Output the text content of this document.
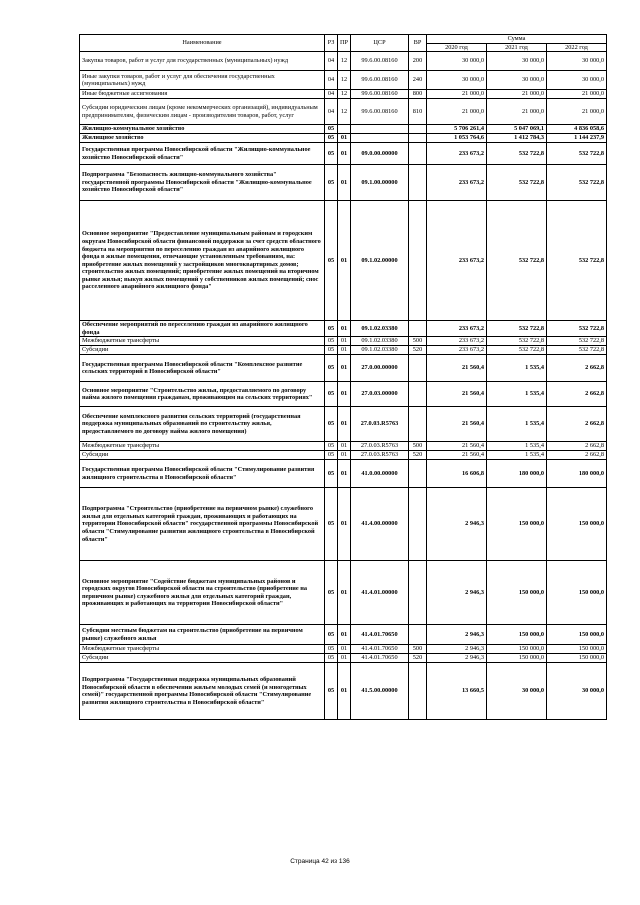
Наименование	РЗ	ПР	ЦСР	ВР	Сумма		
					2020 год	2021 год	2022 год
Закупка товаров, работ и услуг для государственных (муниципальных) нужд	04	12	99.6.00.08160	200	30 000,0	30 000,0	30 000,0
Иные закупки товаров, работ и услуг для обеспечения государственных (муниципальных) нужд	04	12	99.6.00.08160	240	30 000,0	30 000,0	30 000,0
Иные бюджетные ассигнования	04	12	99.6.00.08160	800	21 000,0	21 000,0	21 000,0
Субсидии юридическим лицам (кроме некоммерческих организаций), индивидуальным предпринимателям, физическим лицам - производителям товаров, работ, услуг	04	12	99.6.00.08160	810	21 000,0	21 000,0	21 000,0
Жилищно-коммунальное хозяйство	05				5 706 261,4	5 047 069,1	4 836 058,6
Жилищное хозяйство	05	01			1 053 764,6	1 412 784,3	1 144 237,9
Государственная программа Новосибирской области "Жилищно-коммунальное хозяйство Новосибирской области"	05	01	09.0.00.00000		233 673,2	532 722,8	532 722,8
Подпрограмма "Безопасность жилищно-коммунального хозяйства" государственной программы Новосибирской области "Жилищно-коммунальное хозяйство Новосибирской области"	05	01	09.1.00.00000		233 673,2	532 722,8	532 722,8
Основное мероприятие "Предоставление муниципальным районам и городским округам Новосибирской области финансовой поддержки за счет средств областного бюджета на мероприятия по переселению граждан из аварийного жилищного фонда в жилые помещения, отвечающие установленным требованиям, на: приобретение жилых помещений у застройщиков многоквартирных домов; строительство жилых помещений; приобретение жилых помещений на вторичном рынке жилья; выкуп жилых помещений у собственников жилых помещений; снос расселенного аварийного жилищного фонда"	05	01	09.1.02.00000		233 673,2	532 722,8	532 722,8
Обеспечение мероприятий по переселению граждан из аварийного жилищного фонда	05	01	09.1.02.03380		233 673,2	532 722,8	532 722,8
Межбюджетные трансферты	05	01	09.1.02.03380	500	233 673,2	532 722,8	532 722,8
Субсидии	05	01	09.1.02.03380	520	233 673,2	532 722,8	532 722,8
Государственная программа Новосибирской области "Комплексное развитие сельских территорий в Новосибирской области"	05	01	27.0.00.00000		21 560,4	1 535,4	2 662,8
Основное мероприятие "Строительство жилья, предоставляемого по договору найма жилого помещения гражданам, проживающим на сельских территориях"	05	01	27.0.03.00000		21 560,4	1 535,4	2 662,8
Обеспечение комплексного развития сельских территорий (государственная поддержка муниципальных образований по строительству жилья, предоставляемого по договору найма жилого помещения)	05	01	27.0.03.R5763		21 560,4	1 535,4	2 662,8
Межбюджетные трансферты	05	01	27.0.03.R5763	500	21 560,4	1 535,4	2 662,8
Субсидии	05	01	27.0.03.R5763	520	21 560,4	1 535,4	2 662,8
Государственная программа Новосибирской области "Стимулирование развития жилищного строительства в Новосибирской области"	05	01	41.0.00.00000		16 606,8	180 000,0	180 000,0
Подпрограмма "Строительство (приобретение на первичном рынке) служебного жилья для отдельных категорий граждан, проживающих и работающих на территории Новосибирской области" государственной программы Новосибирской области "Стимулирование развития жилищного строительства в Новосибирской области"	05	01	41.4.00.00000		2 946,3	150 000,0	150 000,0
Основное мероприятие "Содействие бюджетам муниципальных районов и городских округов Новосибирской области на строительство (приобретение на первичном рынке) служебного жилья для отдельных категорий граждан, проживающих и работающих на территории Новосибирской области"	05	01	41.4.01.00000		2 946,3	150 000,0	150 000,0
Субсидии местным бюджетам на строительство (приобретение на первичном рынке) служебного жилья	05	01	41.4.01.70650		2 946,3	150 000,0	150 000,0
Межбюджетные трансферты	05	01	41.4.01.70650	500	2 946,3	150 000,0	150 000,0
Субсидии	05	01	41.4.01.70650	520	2 946,3	150 000,0	150 000,0
Подпрограмма "Государственная поддержка муниципальных образований Новосибирской области в обеспечении жильем молодых семей (и многодетных семей)" государственной программы Новосибирской области "Стимулирование развития жилищного строительства в Новосибирской области"	05	01	41.5.00.00000		13 660,5	30 000,0	30 000,0
Страница 42 из 136
